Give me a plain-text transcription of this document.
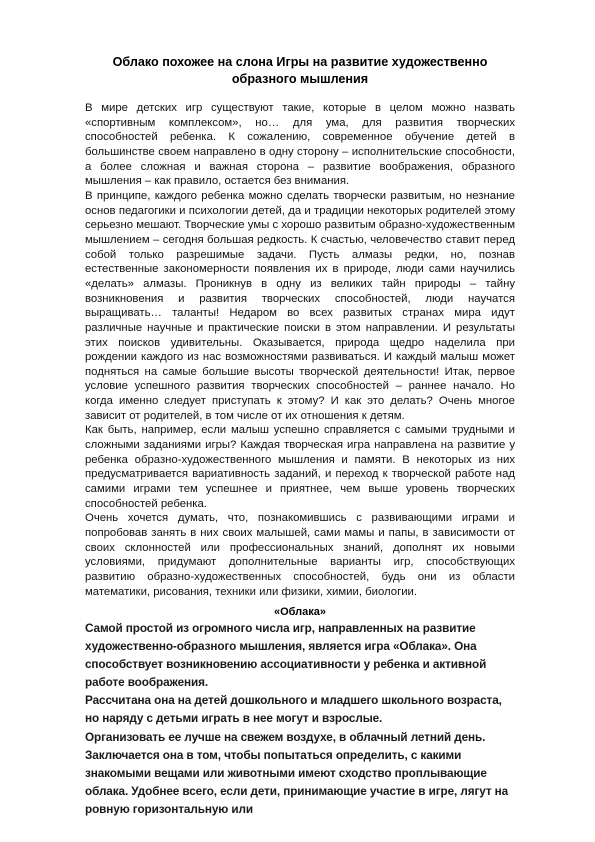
Облако похожее на слона Игры на развитие художественно образного мышления

В мире детских игр существуют такие, которые в целом можно назвать «спортивным комплексом», но… для ума, для развития творческих способностей ребенка. К сожалению, современное обучение детей в большинстве своем направлено в одну сторону – исполнительские способности, а более сложная и важная сторона – развитие воображения, образного мышления – как правило, остается без внимания.

В принципе, каждого ребенка можно сделать творчески развитым, но незнание основ педагогики и психологии детей, да и традиции некоторых родителей этому серьезно мешают. Творческие умы с хорошо развитым образно-художественным мышлением – сегодня большая редкость. К счастью, человечество ставит перед собой только разрешимые задачи. Пусть алмазы редки, но, познав естественные закономерности появления их в природе, люди сами научились «делать» алмазы. Проникнув в одну из великих тайн природы – тайну возникновения и развития творческих способностей, люди научатся выращивать… таланты! Недаром во всех развитых странах мира идут различные научные и практические поиски в этом направлении. И результаты этих поисков удивительны. Оказывается, природа щедро наделила при рождении каждого из нас возможностями развиваться. И каждый малыш может подняться на самые большие высоты творческой деятельности! Итак, первое условие успешного развития творческих способностей – раннее начало. Но когда именно следует приступать к этому? И как это делать? Очень многое зависит от родителей, в том числе от их отношения к детям.

Как быть, например, если малыш успешно справляется с самыми трудными и сложными заданиями игры? Каждая творческая игра направлена на развитие у ребенка образно-художественного мышления и памяти. В некоторых из них предусматривается вариативность заданий, и переход к творческой работе над самими играми тем успешнее и приятнее, чем выше уровень творческих способностей ребенка.

Очень хочется думать, что, познакомившись с развивающими играми и попробовав занять в них своих малышей, сами мамы и папы, в зависимости от своих склонностей или профессиональных знаний, дополнят их новыми условиями, придумают дополнительные варианты игр, способствующих развитию образно-художественных способностей, будь они из области математики, рисования, техники или физики, химии, биологии.

«Облака»

Самой простой из огромного числа игр, направленных на развитие художественно-образного мышления, является игра «Облака». Она способствует возникновению ассоциативности у ребенка и активной работе воображения.

Рассчитана она на детей дошкольного и младшего школьного возраста, но наряду с детьми играть в нее могут и взрослые.

Организовать ее лучше на свежем воздухе, в облачный летний день.

Заключается она в том, чтобы попытаться определить, с какими знакомыми вещами или животными имеют сходство проплывающие облака. Удобнее всего, если дети, принимающие участие в игре, лягут на ровную горизонтальную или
